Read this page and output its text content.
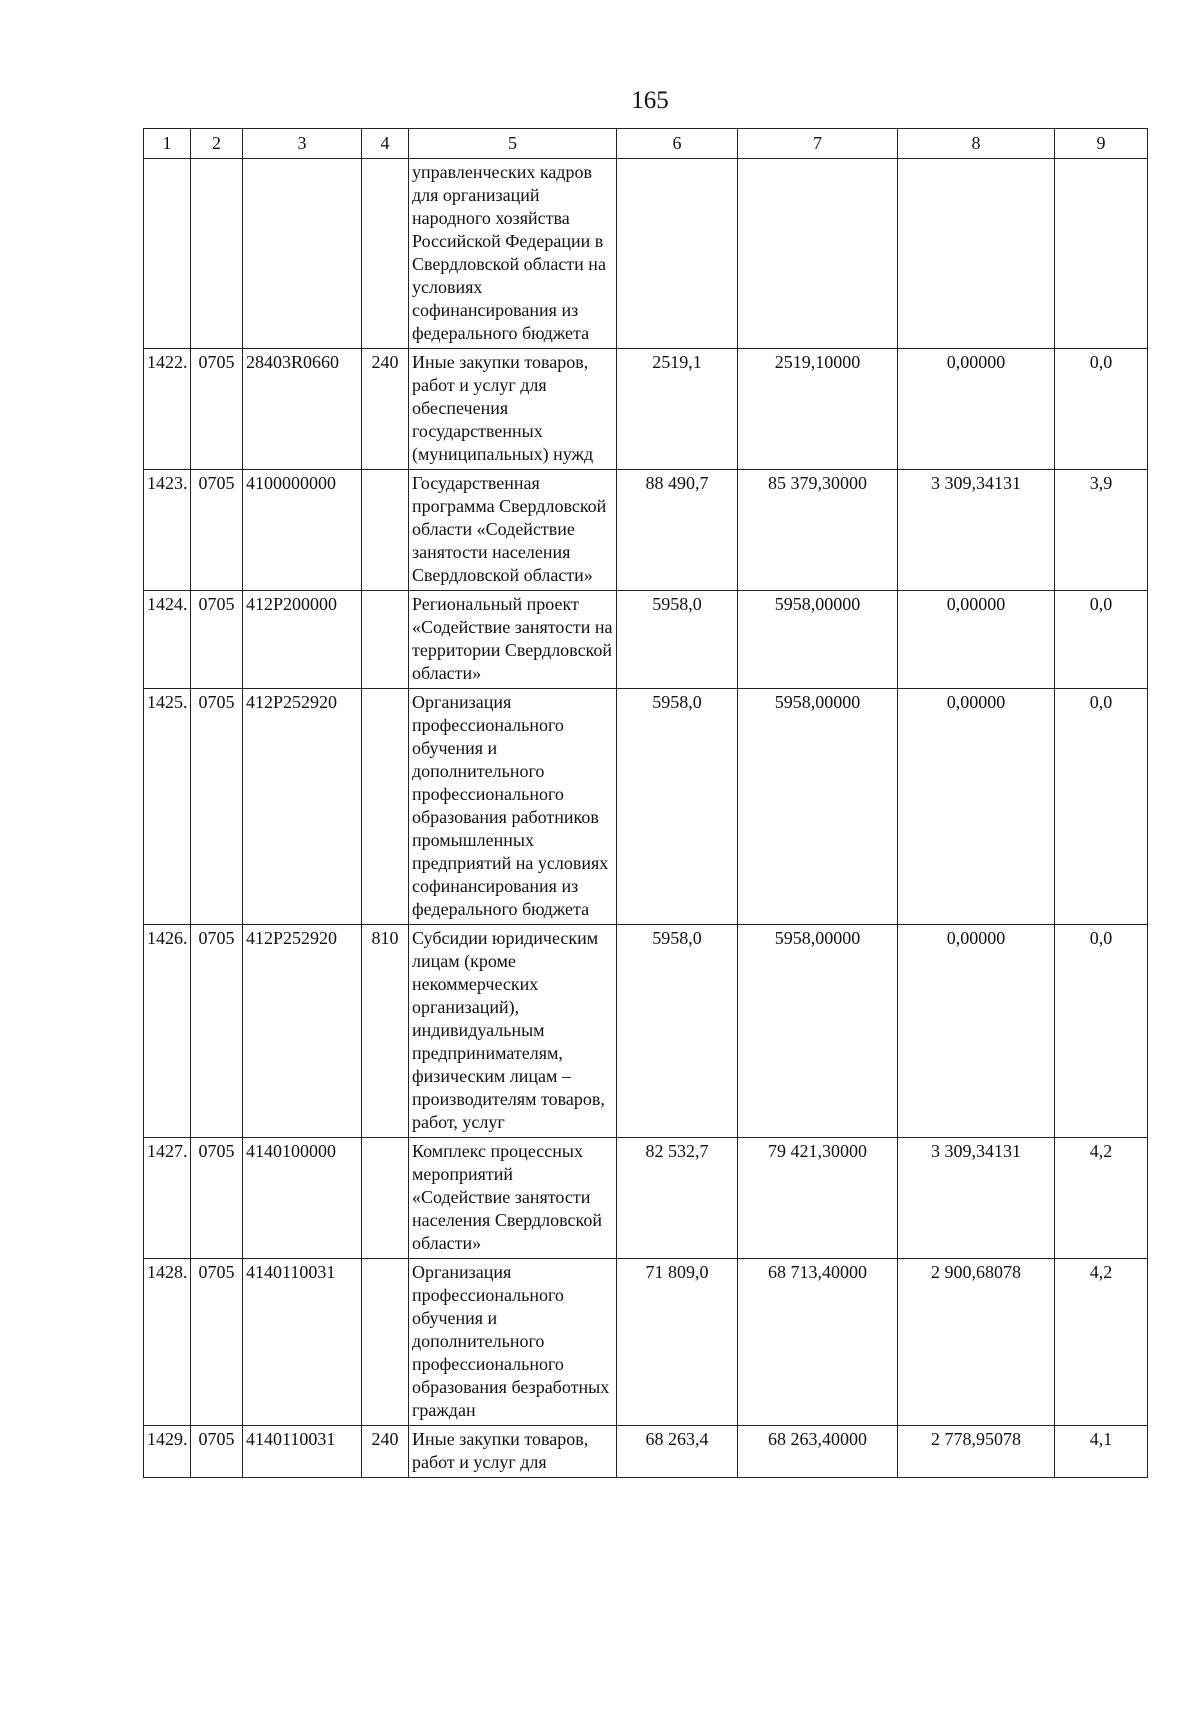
165
1	2	3	4	5	6	7	8	9
				управленческих кадров для организаций народного хозяйства Российской Федерации в Свердловской области на условиях софинансирования из федерального бюджета				
1422.	0705	28403R0660	240	Иные закупки товаров, работ и услуг для обеспечения государственных (муниципальных) нужд	2519,1	2519,10000	0,00000	0,0
1423.	0705	4100000000		Государственная программа Свердловской области «Содействие занятости населения Свердловской области»	88 490,7	85 379,30000	3 309,34131	3,9
1424.	0705	412P200000		Региональный проект «Содействие занятости на территории Свердловской области»	5958,0	5958,00000	0,00000	0,0
1425.	0705	412P252920		Организация профессионального обучения и дополнительного профессионального образования работников промышленных предприятий на условиях софинансирования из федерального бюджета	5958,0	5958,00000	0,00000	0,0
1426.	0705	412P252920	810	Субсидии юридическим лицам (кроме некоммерческих организаций), индивидуальным предпринимателям, физическим лицам – производителям товаров, работ, услуг	5958,0	5958,00000	0,00000	0,0
1427.	0705	4140100000		Комплекс процессных мероприятий «Содействие занятости населения Свердловской области»	82 532,7	79 421,30000	3 309,34131	4,2
1428.	0705	4140110031		Организация профессионального обучения и дополнительного профессионального образования безработных граждан	71 809,0	68 713,40000	2 900,68078	4,2
1429.	0705	4140110031	240	Иные закупки товаров, работ и услуг для	68 263,4	68 263,40000	2 778,95078	4,1
